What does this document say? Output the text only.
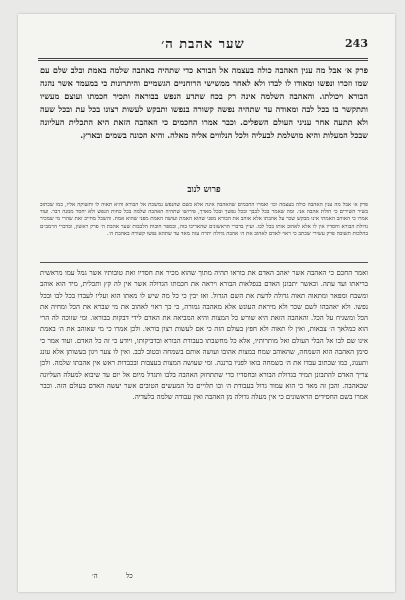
שער אהבת ה׳	243

פרק א׳ אבל מה ענין האהבה כולה בעצמה אל הבורא כדי שתהיה באהבה שלמה באמת ובלב שלם עם שמו וזכרו ונפשו ומאודו לו לבדו ולא לאחר ממשישי הרוחניים הגשמיים והיתרונות כי במעמד אשר נהגה הבורא ויכולתו. והאהבה השלמה אינה רק בכח שתדע הנפש בבוראה ותכיר חכמתו ועוצם מעשיו ותתקשר בו בכל לבה ומאודה עד שתהיה נפשה קשורה בנפשו ותבקש לעשות רצונו בכל עת ובכל שעה ולא תתעה אחר עניני העולם השפלים. וכבר אמרו החכמים כי האהבה הזאת היא התכלית העליונה שבכל המעלות והיא מושלמת לבעליה ולכל הנלווים אליה מאלה. והיא הכונה בשמים ובארץ.

פרוש לנוב

פרק א׳ אבל מה ענין האהבה כולה בעצמה וכו׳ ואמרו החכמים שהאהבה אינה אלא כשם שהנפש נמשכת אל הבורא והיא תאוה לו ותשוקה אליו, כמו שכתוב בשיר השירים כי חולת אהבה אני. ומה שאמר בכל לבבך ובכל נפשך ובכל מאדך, פירושו שתהיה האהבה שלמה בכל כחות הנפש ולא יחסר ממנה דבר. ועוד אמרו כי האוהב האמתי אינו מבקש שכר על אהבתו אלא אוהב את הבורא מפני שהוא האמת ועושה האמת מפני שהוא אמת. והשכל מחייב זאת שהרי מי שמכיר גדולת הבורא וחסדיו אין לו אלא לאהוב אותו בכל לבו. ועיין בדברי הראשונים שהאריכו בזה, ובספר חובות הלבבות שער אהבת ה׳ פרק ראשון, ובדברי הרמב״ם בהלכות תשובה פרק עשירי שכתב כי ראוי לאדם לאהוב את ה׳ אהבה גדולה יתרה עזה מאד עד שתהא נפשו קשורה באהבת ה׳.

ואמר החכם כי האהבה אשר יאהב האדם את בוראו תהיה מתוך שהוא מכיר את חסדיו ואת טובותיו אשר גמל עמו מראשית בריאתו ועד עתה. וכאשר יתבונן האדם בנפלאות הבורא ויראה את חכמתו הגדולה אשר אין לה קץ ותכלית, מיד הוא אוהב ומשבח ומפאר ומתאוה תאוה גדולה לדעת את השם הגדול. ואז יבין כי כל מה שיש לו מאתו הוא ועליו לעבדו בכל לבו ובכל נפשו. ולא יאהבהו לשם שכר ולא מיראת העונש אלא מאהבה גמורה, כי כך ראוי לאהוב את מי שברא את הכל ומחיה את הכל ומשגיח על הכל. והאהבה הזאת היא שורש כל המצות והיא המביאה את האדם לידי דבקות בבוראו. ומי שזוכה לה הרי הוא כמלאך ה׳ צבאות, ואין לו תאוה ולא חפץ בעולם הזה כי אם לעשות רצון בוראו. ולכן אמרו כי מי שאוהב את ה׳ באמת אינו שם לבו אל הבלי העולם ואל מותרותיו, אלא כל מחשבתו בעבודת הבורא ובדביקותו, ויודע כי זה כל האדם. ועוד אמר כי סימן האהבה הוא השמחה, שהאוהב שמח במצות אהובו ועושה אותם בשמחה ובטוב לבב. ואין לו צער ויגון בעשותן אלא עונג ותענוג, כמו שכתוב עבדו את ה׳ בשמחה בואו לפניו ברננה. ומי שעושה המצות בעצבות ובכבדות ראש אין אהבתו שלמה. ולכן צריך האדם להתבונן תמיד בגדולת הבורא ובחסדיו כדי שתתחזק האהבה בלבו ותגדל מיום אל יום עד שיבוא למעלה העליונה שבאהבה. והבן זה מאד כי הוא עמוד גדול בעבודת ה׳ ובו תלויים כל המעשים הטובים אשר יעשה האדם בעולם הזה. וכבר אמרו בשם החסידים הראשונים כי אין מעלה גדולה מן האהבה ואין עבודה שלמה בלעדיה.

ה׳	כל
